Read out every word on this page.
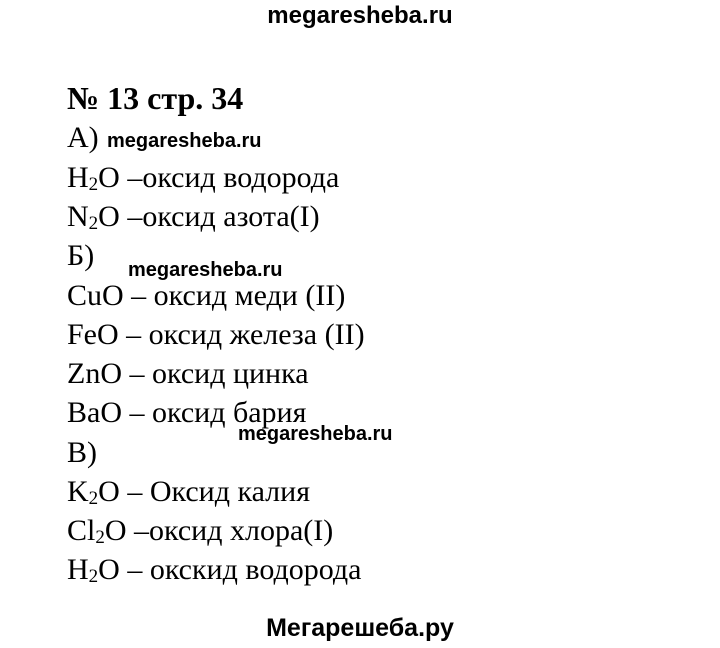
megaresheba.ru
№ 13 стр. 34
А)
$H_2O$ –оксид водорода
$N_2O$ –оксид азота(I)
Б)
CuO – оксид меди (II)
FeO – оксид железа (II)
ZnO – оксид цинка
BaO – оксид бария
В)
$K_2O$ – Оксид калия
$Cl_2O$ –оксид хлора(I)
$H_2O$ – окскид водорода
megaresheba.ru
megaresheba.ru
megaresheba.ru
Мегарешеба.ру
